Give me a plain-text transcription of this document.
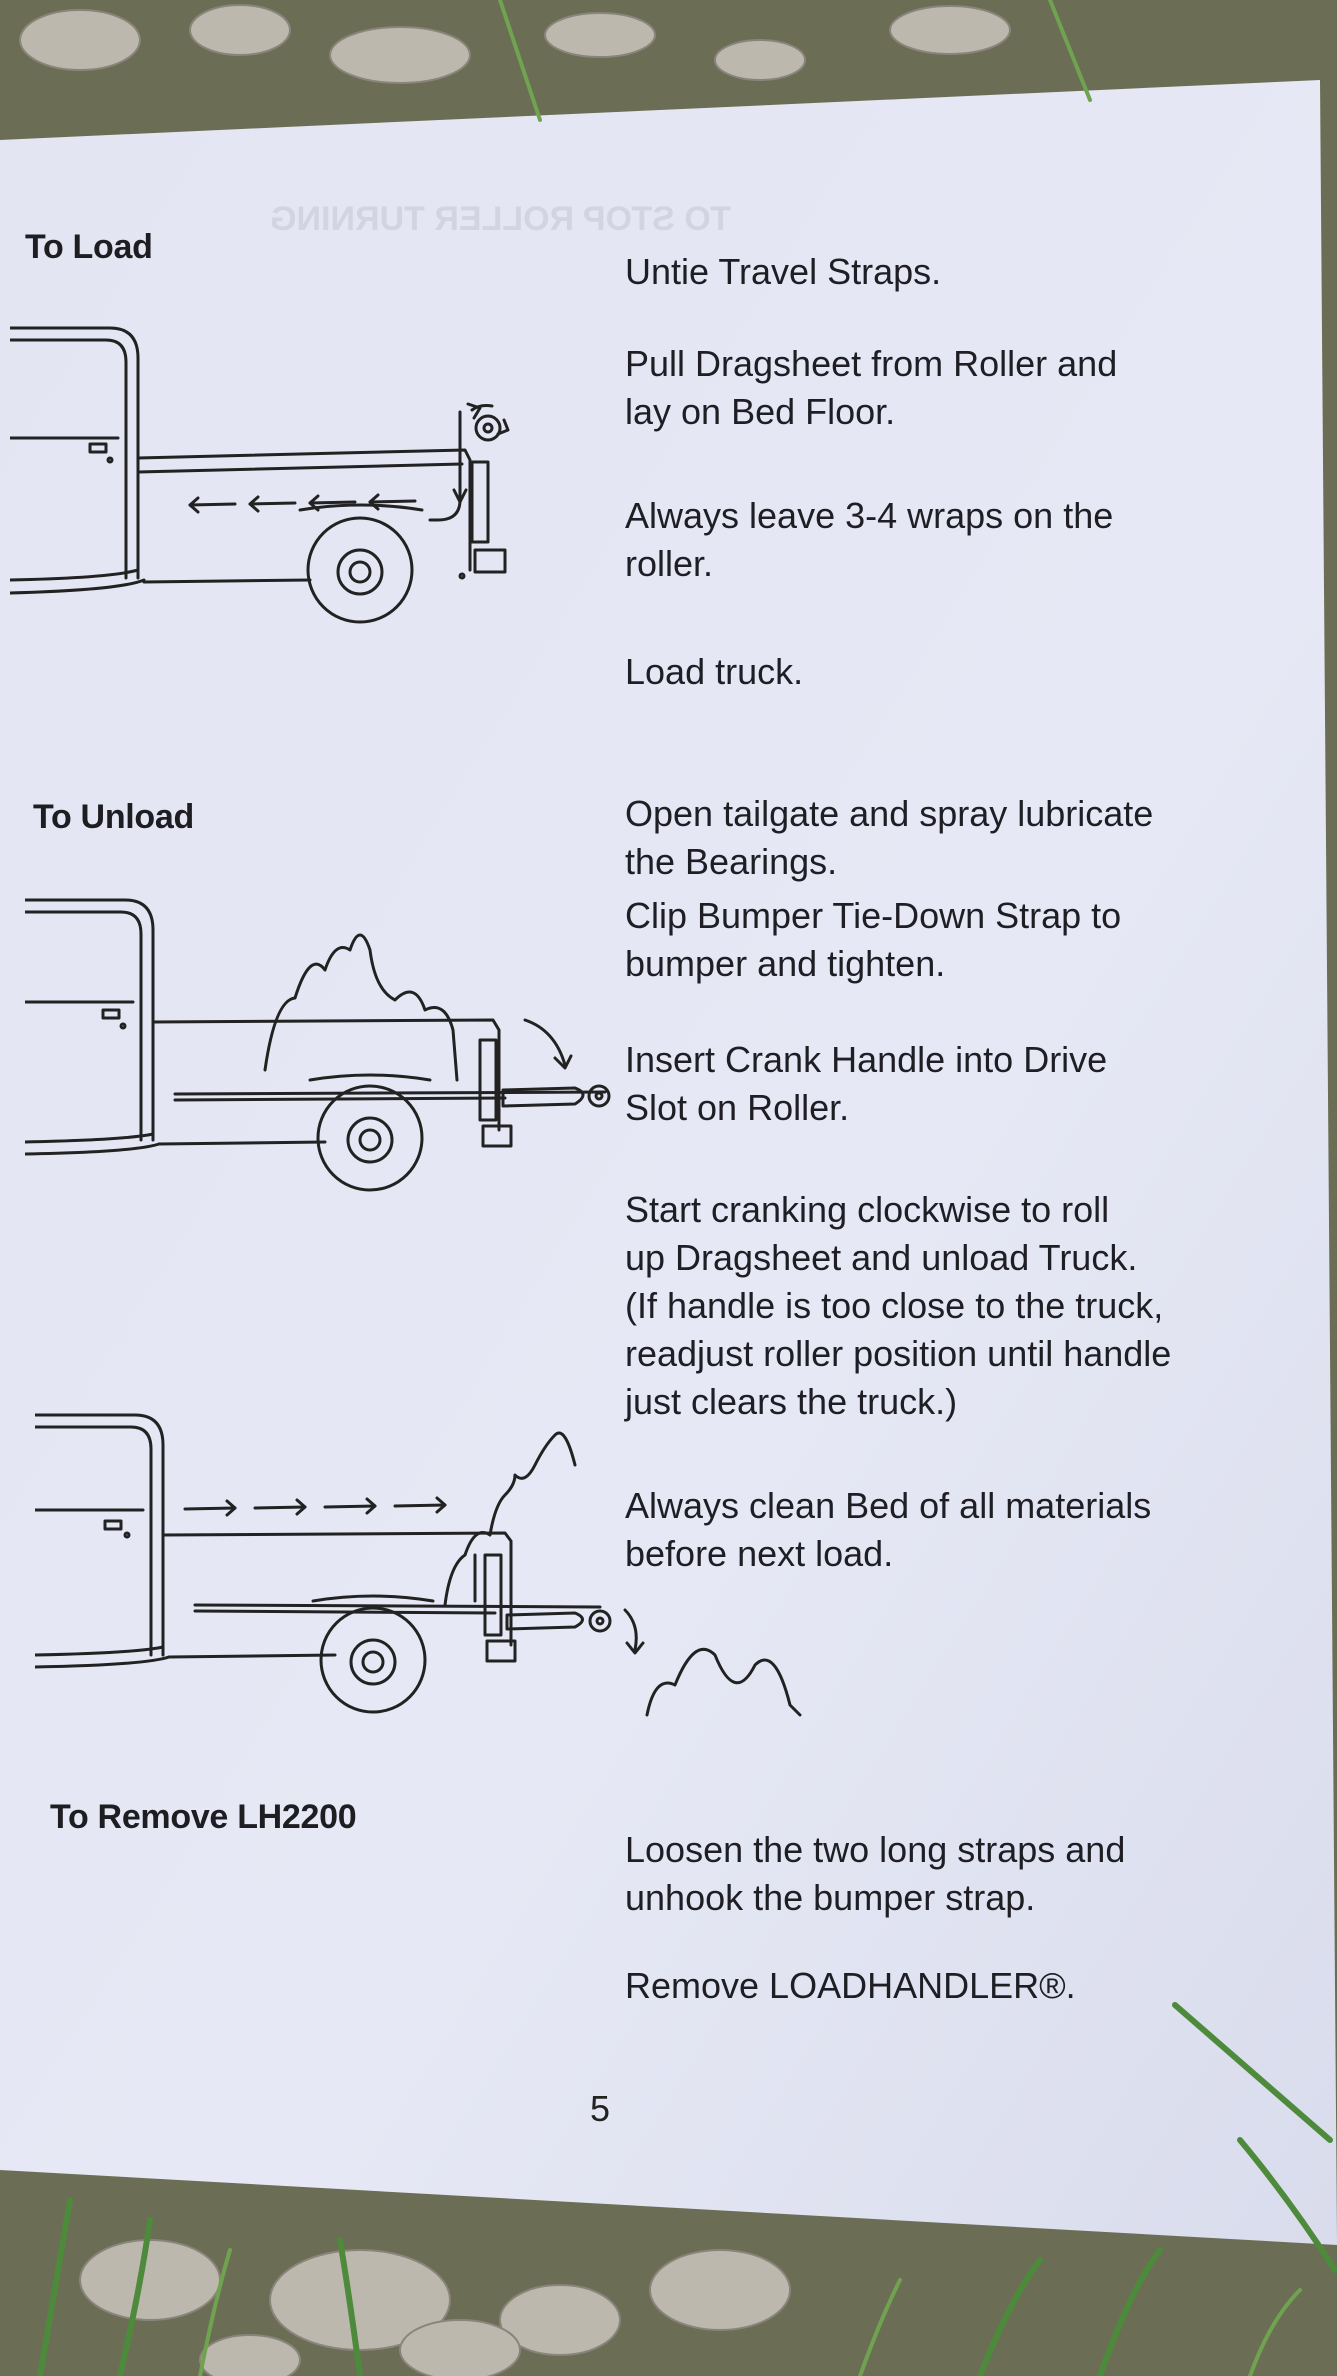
TO STOP ROLLER TURNING
To Load
Untie Travel Straps.
Pull Dragsheet from Roller and
lay on Bed Floor.
Always leave 3-4 wraps on the
roller.
Load truck.
To Unload	Open tailgate and spray lubricate
the Bearings.
Clip Bumper Tie-Down Strap to
bumper and tighten.
Insert Crank Handle into Drive
Slot on Roller.
Start cranking clockwise to roll
up Dragsheet and unload Truck.
(If handle is too close to the truck,
readjust roller position until handle
just clears the truck.)
Always clean Bed of all materials
before next load.
To Remove LH2200
Loosen the two long straps and
unhook the bumper strap.
Remove LOADHANDLER®.
5
